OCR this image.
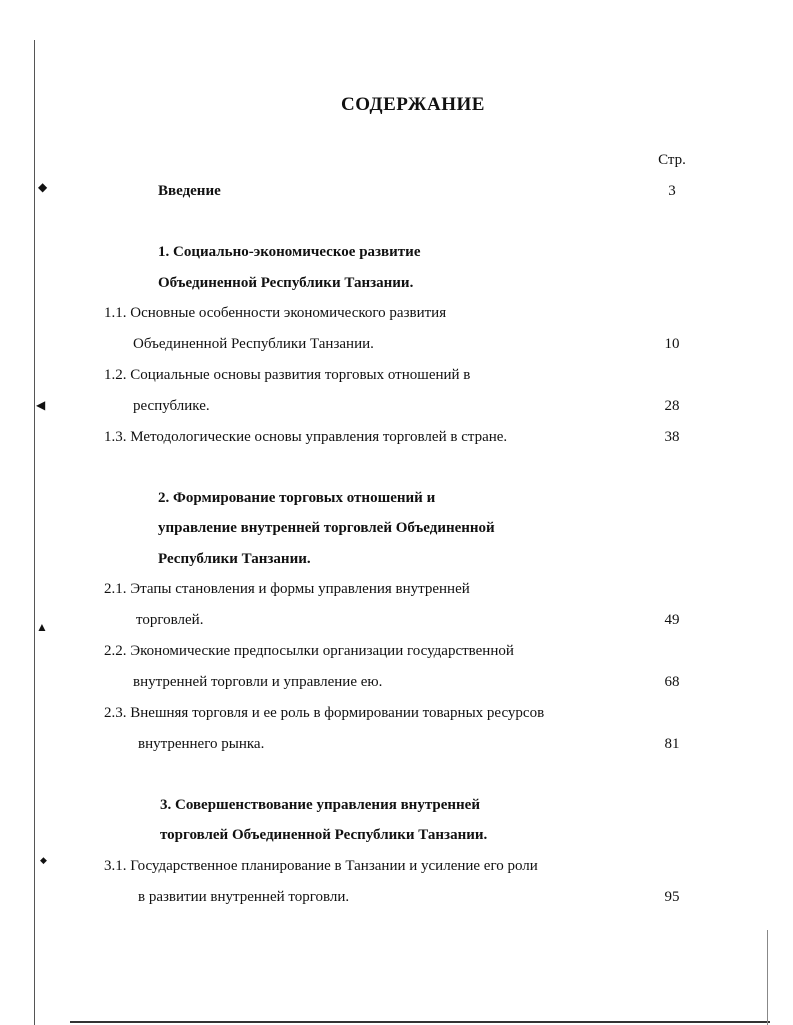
◆
◀
▲
◆
СОДЕРЖАНИЕ
Стр.
Введение	3
1. Социально-экономическое развитие
Объединенной Республики Танзании.
1.1. Основные особенности экономического развития
Объединенной Республики Танзании.	10
1.2. Социальные основы развития торговых отношений в
республике.	28
1.3. Методологические основы управления торговлей в стране.	38
2. Формирование торговых отношений и
управление внутренней торговлей Объединенной
Республики Танзании.
2.1. Этапы становления и формы управления внутренней
торговлей.	49
2.2. Экономические предпосылки организации государственной
внутренней торговли и управление ею.	68
2.3. Внешняя торговля и ее роль в формировании товарных ресурсов
внутреннего рынка.	81
3. Совершенствование управления внутренней
торговлей Объединенной Республики Танзании.
3.1. Государственное планирование в Танзании и усиление его роли
в развитии внутренней торговли.	95
